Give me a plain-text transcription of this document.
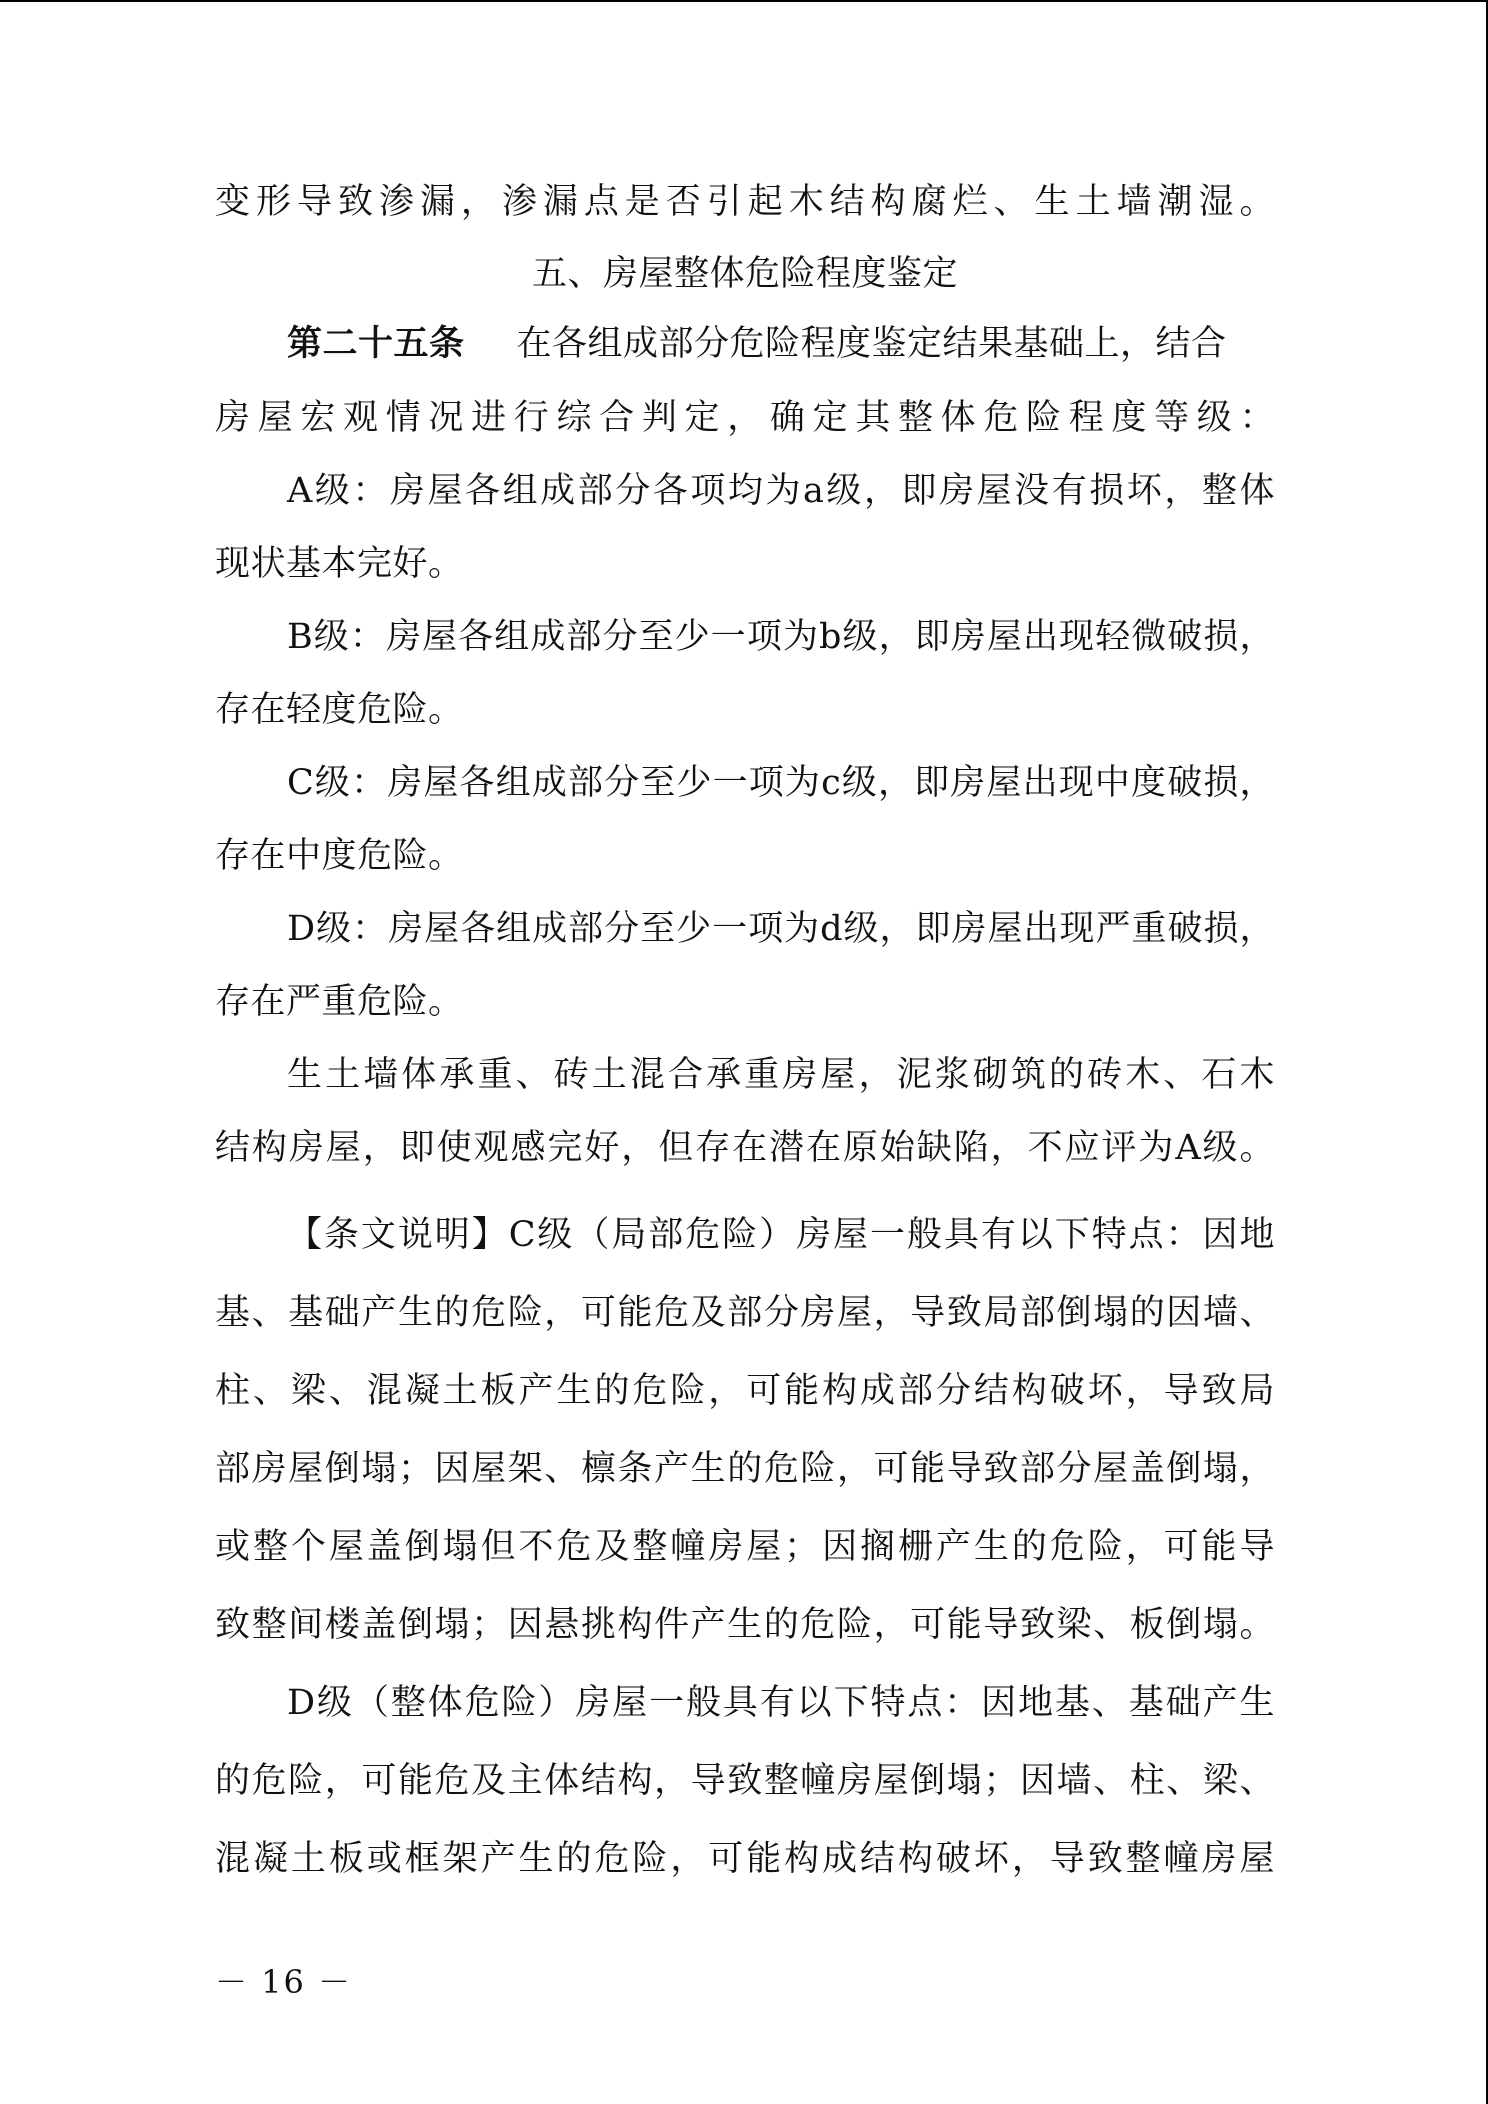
变形导致渗漏，渗漏点是否引起木结构腐烂、生土墙潮湿。
五、房屋整体危险程度鉴定
第二十五条 在各组成部分危险程度鉴定结果基础上，结合
房屋宏观情况进行综合判定，确定其整体危险程度等级：
A级：房屋各组成部分各项均为a级，即房屋没有损坏，整体
现状基本完好。
B级：房屋各组成部分至少一项为b级，即房屋出现轻微破损，
存在轻度危险。
C级：房屋各组成部分至少一项为c级，即房屋出现中度破损，
存在中度危险。
D级：房屋各组成部分至少一项为d级，即房屋出现严重破损，
存在严重危险。
生土墙体承重、砖土混合承重房屋，泥浆砌筑的砖木、石木
结构房屋，即使观感完好，但存在潜在原始缺陷，不应评为A级。
【条文说明】C级（局部危险）房屋一般具有以下特点：因地
基、基础产生的危险，可能危及部分房屋，导致局部倒塌的因墙、
柱、梁、混凝土板产生的危险，可能构成部分结构破坏，导致局
部房屋倒塌；因屋架、檩条产生的危险，可能导致部分屋盖倒塌，
或整个屋盖倒塌但不危及整幢房屋；因搁栅产生的危险，可能导
致整间楼盖倒塌；因悬挑构件产生的危险，可能导致梁、板倒塌。
D级（整体危险）房屋一般具有以下特点：因地基、基础产生
的危险，可能危及主体结构，导致整幢房屋倒塌；因墙、柱、梁、
混凝土板或框架产生的危险，可能构成结构破坏，导致整幢房屋
－ 16 －
